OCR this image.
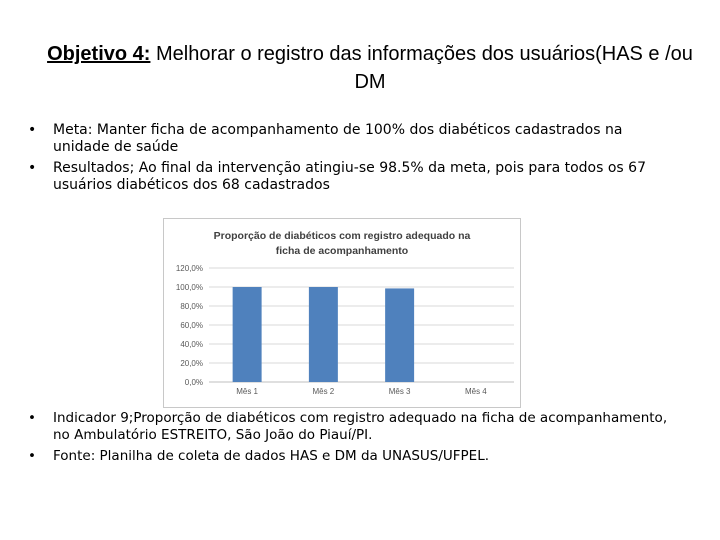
Objetivo 4: Melhorar o registro das informações dos usuários(HAS e /ou DM
• Meta: Manter ficha de acompanhamento de 100% dos diabéticos cadastrados na unidade de saúde
• Resultados; Ao final da intervenção atingiu-se 98.5% da meta, pois para todos os 67 usuários diabéticos dos 68 cadastrados
Proporção de diabéticos com registro adequado na
ficha de acompanhamento
0,0%
20,0%
40,0%
60,0%
80,0%
100,0%
120,0%
Mês 1	Mês 2	Mês 3	Mês 4
• Indicador 9;Proporção de diabéticos com registro adequado na ficha de acompanhamento, no Ambulatório ESTREITO, São João do Piauí/PI.
• Fonte: Planilha de coleta de dados HAS e DM da UNASUS/UFPEL.
